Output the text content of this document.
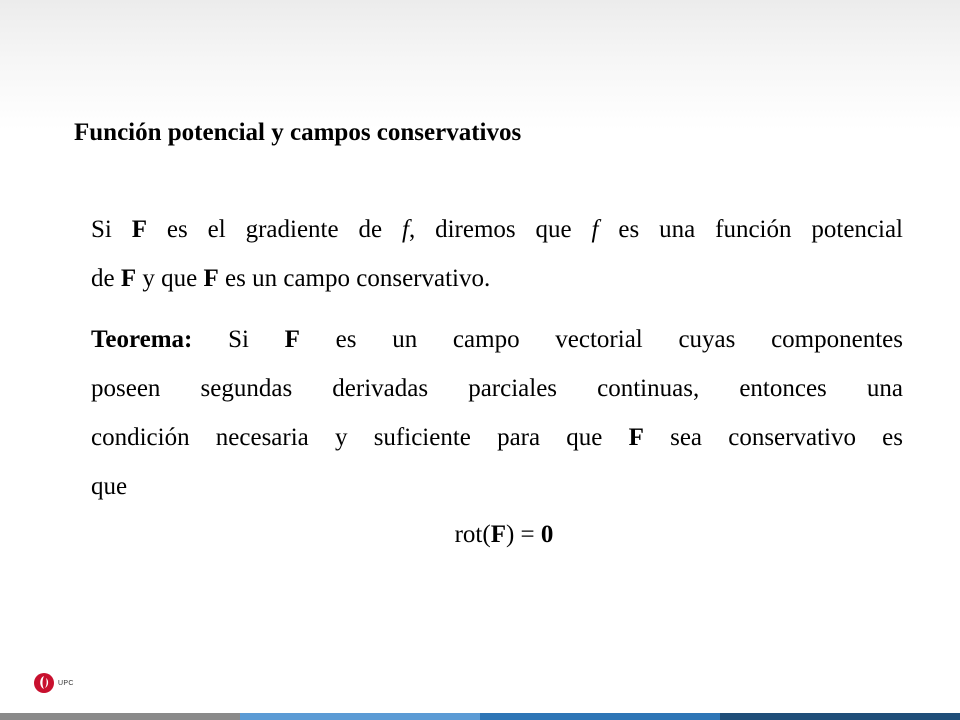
Función potencial y campos conservativos
Si F es el gradiente de f, diremos que f es una función potencial
de F y que F es un campo conservativo.
Teorema: Si F es un campo vectorial cuyas componentes
poseen segundas derivadas parciales continuas, entonces una
condición necesaria y suficiente para que F sea conservativo es
que
rot(F) = 0
UPC
